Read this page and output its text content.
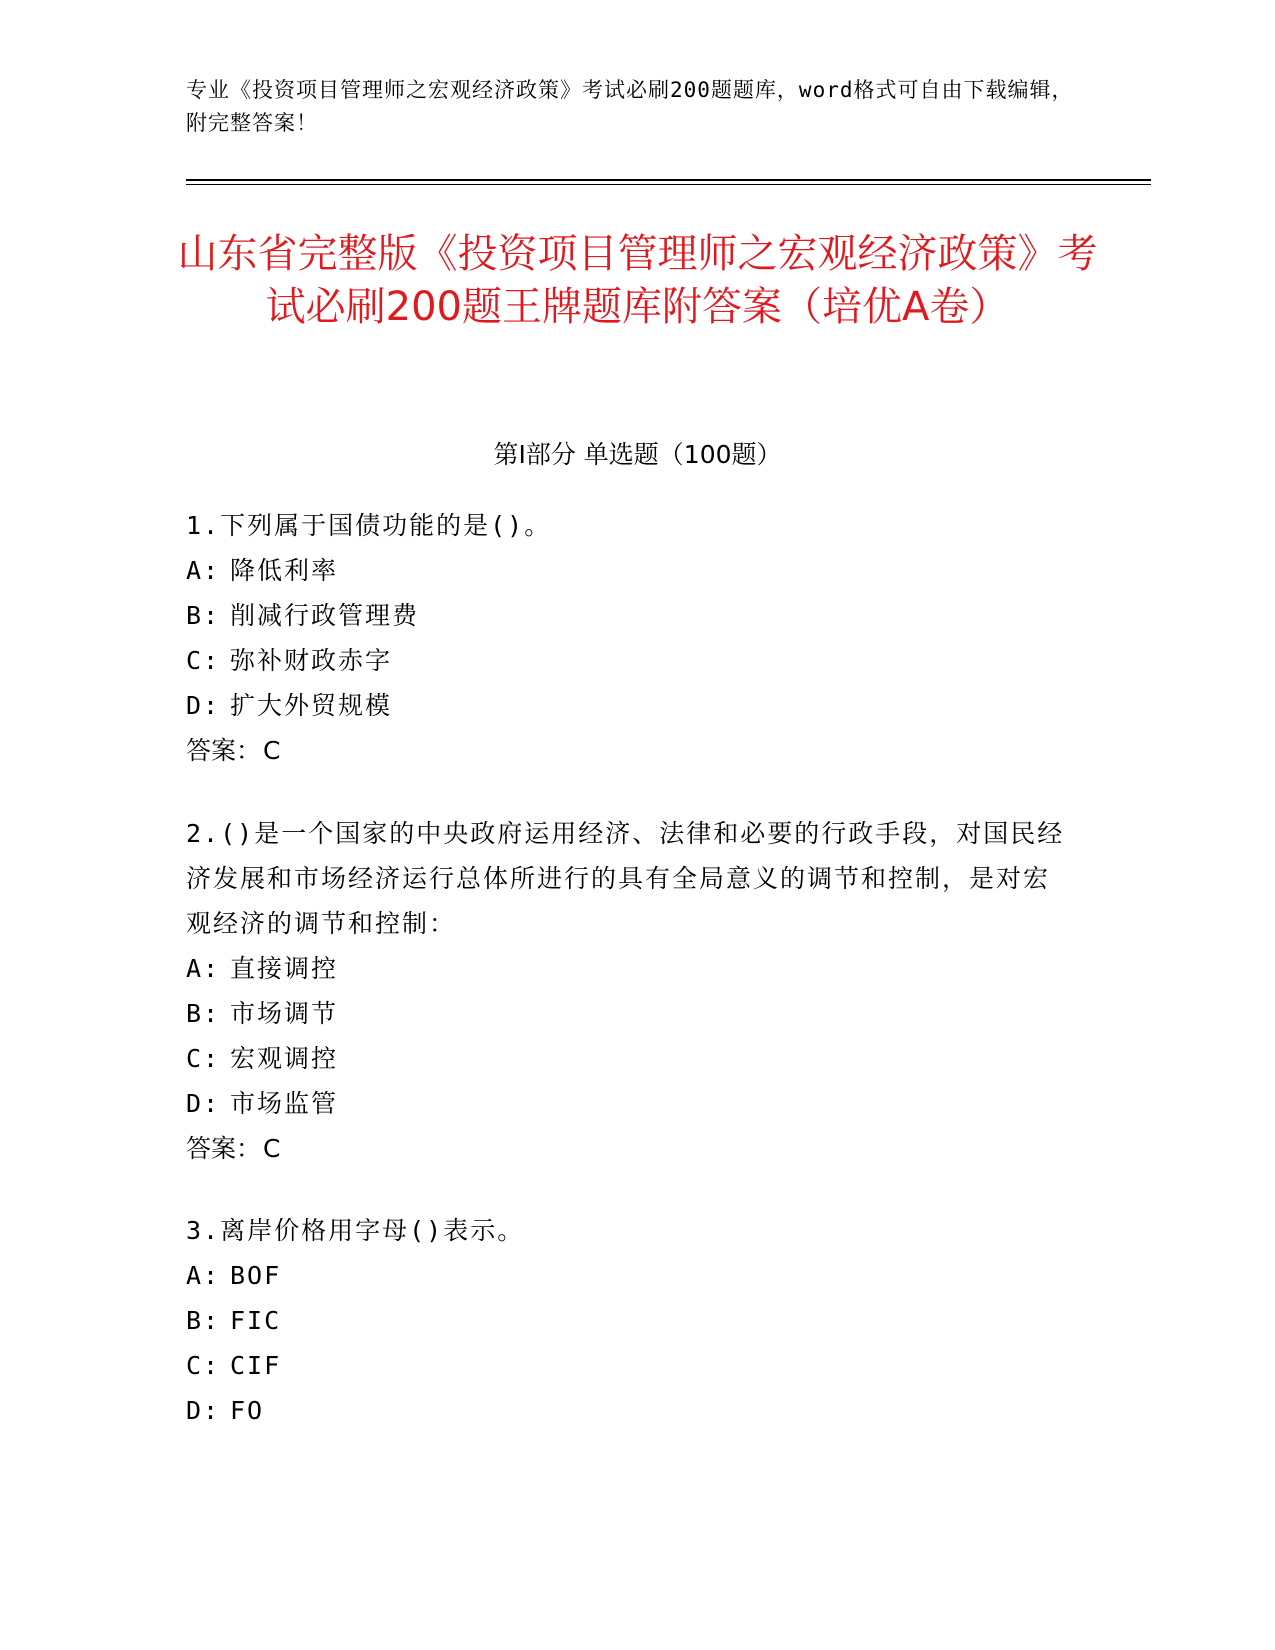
专业《投资项目管理师之宏观经济政策》考试必刷200题题库，word格式可自由下载编辑，附完整答案！
山东省完整版《投资项目管理师之宏观经济政策》考试必刷200题王牌题库附答案（培优A卷）
第I部分 单选题（100题）

1.下列属于国债功能的是()。

A: 降低利率

B: 削减行政管理费

C: 弥补财政赤字

D: 扩大外贸规模

答案：C

2.()是一个国家的中央政府运用经济、法律和必要的行政手段，对国民经济发展和市场经济运行总体所进行的具有全局意义的调节和控制，是对宏观经济的调节和控制：

A: 直接调控

B: 市场调节

C: 宏观调控

D: 市场监管

答案：C

3.离岸价格用字母()表示。

A: BOF

B: FIC

C: CIF

D: FO
